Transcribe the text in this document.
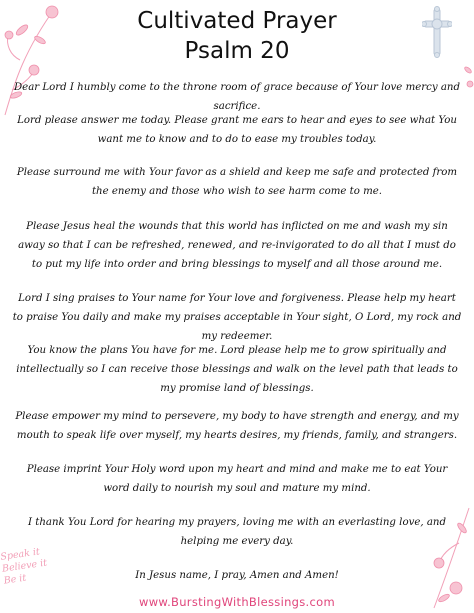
Cultivated Prayer
Psalm 20

Dear Lord I humbly come to the throne room of grace because of Your love mercy and sacrifice.

Lord please answer me today. Please grant me ears to hear and eyes to see what You want me to know and to do to ease my troubles today.

Please surround me with Your favor as a shield and keep me safe and protected from the enemy and those who wish to see harm come to me.

Please Jesus heal the wounds that this world has inflicted on me and wash my sin away so that I can be refreshed, renewed, and re-invigorated to do all that I must do to put my life into order and bring blessings to myself and all those around me.

Lord I sing praises to Your name for Your love and forgiveness. Please help my heart to praise You daily and make my praises acceptable in Your sight, O Lord, my rock and my redeemer.

You know the plans You have for me. Lord please help me to grow spiritually and intellectually so I can receive those blessings and walk on the level path that leads to my promise land of blessings.

Please empower my mind to persevere, my body to have strength and energy, and my mouth to speak life over myself, my hearts desires, my friends, family, and strangers.

Please imprint Your Holy word upon my heart and mind and make me to eat Your word daily to nourish my soul and mature my mind.

I thank You Lord for hearing my prayers, loving me with an everlasting love, and helping me every day.

In Jesus name, I pray, Amen and Amen!

Speak it Believe it Be it
www.BurstingWithBlessings.com
